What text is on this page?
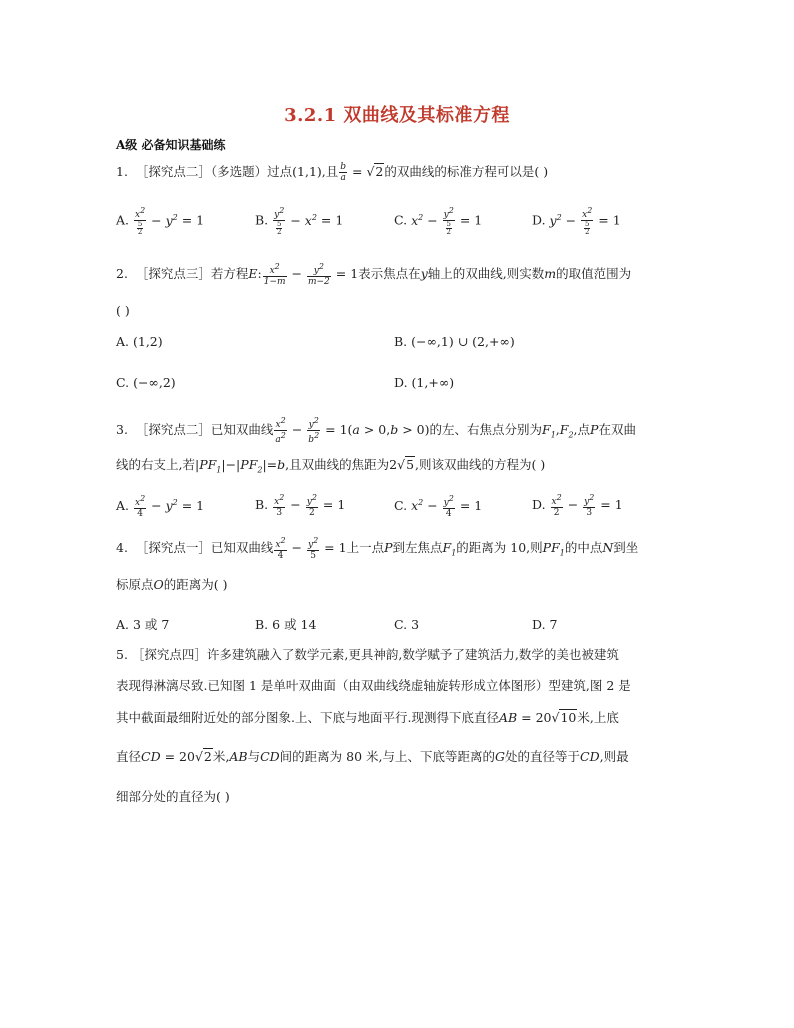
3.2.1 双曲线及其标准方程
A级 必备知识基础练
1. ［探究点二］（多选题）过点(1,1),且 $\frac{b}{a} = √2$的双曲线的标准方程可以是( )
A. $\frac{x^2}{\frac{5}{2}} - y^2 = 1$	B. $\frac{y^2}{\frac{5}{2}} - x^2 = 1$	C. $x^2 - \frac{y^2}{\frac{5}{2}} = 1$	D. $y^2 - \frac{x^2}{\frac{5}{2}} = 1$
2. ［探究点三］若方程E: $\frac{x^2}{1-m} - \frac{y^2}{m-2} = 1$表示焦点在y轴上的双曲线,则实数m的取值范围为
( )
A. (1,2)	B. (−∞,1) ∪ (2,+∞)
C. (−∞,2)	D. (1,+∞)
3. ［探究点二］已知双曲线 $\frac{x^2}{a^2} - \frac{y^2}{b^2} = 1(a > 0,b > 0)$的左、右焦点分别为$F_1,F_2$,点P在双曲
线的右支上,若$|PF_1|-|PF_2|=b$,且双曲线的焦距为2√5,则该双曲线的方程为( )
A. $\frac{x^2}{4} - y^2 = 1$	B. $\frac{x^2}{3} - \frac{y^2}{2} = 1$	C. $x^2 - \frac{y^2}{4} = 1$	D. $\frac{x^2}{2} - \frac{y^2}{3} = 1$
4. ［探究点一］已知双曲线 $\frac{x^2}{4} - \frac{y^2}{5} = 1$上一点P到左焦点$F_1$的距离为 10,则$PF_1$的中点N到坐
标原点O的距离为( )
A. 3 或 7	B. 6 或 14	C. 3	D. 7
5. ［探究点四］许多建筑融入了数学元素,更具神韵,数学赋予了建筑活力,数学的美也被建筑
表现得淋漓尽致.已知图 1 是单叶双曲面（由双曲线绕虚轴旋转形成立体图形）型建筑,图 2 是
其中截面最细附近处的部分图象.上、下底与地面平行.现测得下底直径AB = 20√10米,上底
直径CD = 20√2米,AB与CD间的距离为 80 米,与上、下底等距离的G处的直径等于CD,则最
细部分处的直径为( )
